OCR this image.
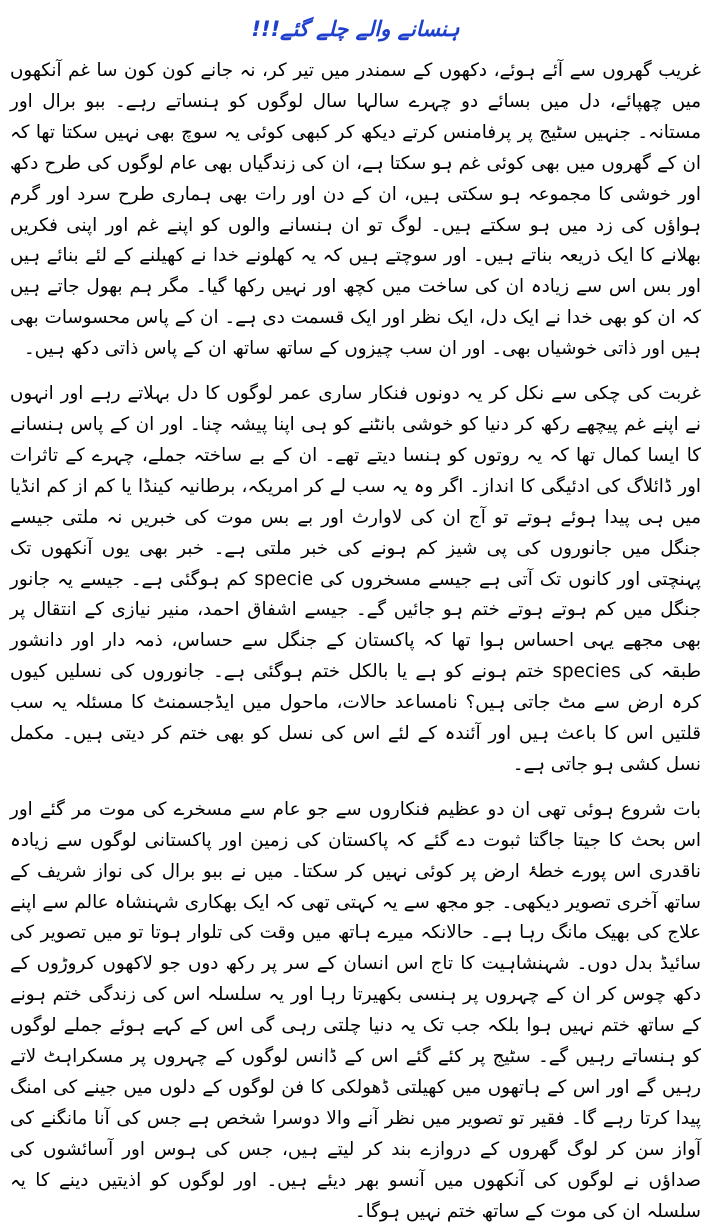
ہنسانے والے چلے گئے!!!

غریب گھروں سے آئے ہوئے، دکھوں کے سمندر میں تیر کر، نہ جانے کون کون سا غم آنکھوں میں چھپائے، دل میں بسائے دو چہرے سالہا سال لوگوں کو ہنساتے رہے۔ ببو برال اور مستانہ۔ جنہیں سٹیج پر پرفامنس کرتے دیکھ کر کبھی کوئی یہ سوچ بھی نہیں سکتا تھا کہ ان کے گھروں میں بھی کوئی غم ہو سکتا ہے، ان کی زندگیاں بھی عام لوگوں کی طرح دکھ اور خوشی کا مجموعہ ہو سکتی ہیں، ان کے دن اور رات بھی ہماری طرح سرد اور گرم ہواؤں کی زد میں ہو سکتے ہیں۔ لوگ تو ان ہنسانے والوں کو اپنے غم اور اپنی فکریں بھلانے کا ایک ذریعہ بناتے ہیں۔ اور سوچتے ہیں کہ یہ کھلونے خدا نے کھیلنے کے لئے بنائے ہیں اور بس اس سے زیادہ ان کی ساخت میں کچھ اور نہیں رکھا گیا۔ مگر ہم بھول جاتے ہیں کہ ان کو بھی خدا نے ایک دل، ایک نظر اور ایک قسمت دی ہے۔ ان کے پاس محسوسات بھی ہیں اور ذاتی خوشیاں بھی۔ اور ان سب چیزوں کے ساتھ ساتھ ان کے پاس ذاتی دکھ ہیں۔

غربت کی چکی سے نکل کر یہ دونوں فنکار ساری عمر لوگوں کا دل بہلاتے رہے اور انہوں نے اپنے غم پیچھے رکھ کر دنیا کو خوشی بانٹنے کو ہی اپنا پیشہ چنا۔ اور ان کے پاس ہنسانے کا ایسا کمال تھا کہ یہ روتوں کو ہنسا دیتے تھے۔ ان کے بے ساختہ جملے، چہرے کے تاثرات اور ڈائلاگ کی ادئیگی کا انداز۔ اگر وہ یہ سب لے کر امریکہ، برطانیہ کینڈا یا کم از کم انڈیا میں ہی پیدا ہوئے ہوتے تو آج ان کی لاوارث اور بے بس موت کی خبریں نہ ملتی جیسے جنگل میں جانوروں کی پی شیز کم ہونے کی خبر ملتی ہے۔ خبر بھی یوں آنکھوں تک پہنچتی اور کانوں تک آتی ہے جیسے مسخروں کی specie کم ہوگئی ہے۔ جیسے یہ جانور جنگل میں کم ہوتے ہوتے ختم ہو جائیں گے۔ جیسے اشفاق احمد، منیر نیازی کے انتقال پر بھی مجھے یہی احساس ہوا تھا کہ پاکستان کے جنگل سے حساس، ذمہ دار اور دانشور طبقہ کی species ختم ہونے کو ہے یا بالکل ختم ہوگئی ہے۔ جانوروں کی نسلیں کیوں کرہ ارض سے مٹ جاتی ہیں؟ نامساعد حالات، ماحول میں ایڈجسمنٹ کا مسئلہ یہ سب قلتیں اس کا باعث ہیں اور آئندہ کے لئے اس کی نسل کو بھی ختم کر دیتی ہیں۔ مکمل نسل کشی ہو جاتی ہے۔

بات شروع ہوئی تھی ان دو عظیم فنکاروں سے جو عام سے مسخرے کی موت مر گئے اور اس بحث کا جیتا جاگتا ثبوت دے گئے کہ پاکستان کی زمین اور پاکستانی لوگوں سے زیادہ ناقدری اس پورے خطۂ ارض پر کوئی نہیں کر سکتا۔ میں نے ببو برال کی نواز شریف کے ساتھ آخری تصویر دیکھی۔ جو مجھ سے یہ کہتی تھی کہ ایک بھکاری شہنشاہ عالم سے اپنے علاج کی بھیک مانگ رہا ہے۔ حالانکہ میرے ہاتھ میں وقت کی تلوار ہوتا تو میں تصویر کی سائیڈ بدل دوں۔ شہنشاہیت کا تاج اس انسان کے سر پر رکھ دوں جو لاکھوں کروڑوں کے دکھ چوس کر ان کے چہروں پر ہنسی بکھیرتا رہا اور یہ سلسلہ اس کی زندگی ختم ہونے کے ساتھ ختم نہیں ہوا بلکہ جب تک یہ دنیا چلتی رہی گی اس کے کہے ہوئے جملے لوگوں کو ہنساتے رہیں گے۔ سٹیج پر کئے گئے اس کے ڈانس لوگوں کے چہروں پر مسکراہٹ لاتے رہیں گے اور اس کے ہاتھوں میں کھیلتی ڈھولکی کا فن لوگوں کے دلوں میں جینے کی امنگ پیدا کرتا رہے گا۔ فقیر تو تصویر میں نظر آنے والا دوسرا شخص ہے جس کی آنا مانگنے کی آواز سن کر لوگ گھروں کے دروازے بند کر لیتے ہیں، جس کی ہوس اور آسائشوں کی صداؤں نے لوگوں کی آنکھوں میں آنسو بھر دیئے ہیں۔ اور لوگوں کو اذیتیں دینے کا یہ سلسلہ ان کی موت کے ساتھ ختم نہیں ہوگا۔
